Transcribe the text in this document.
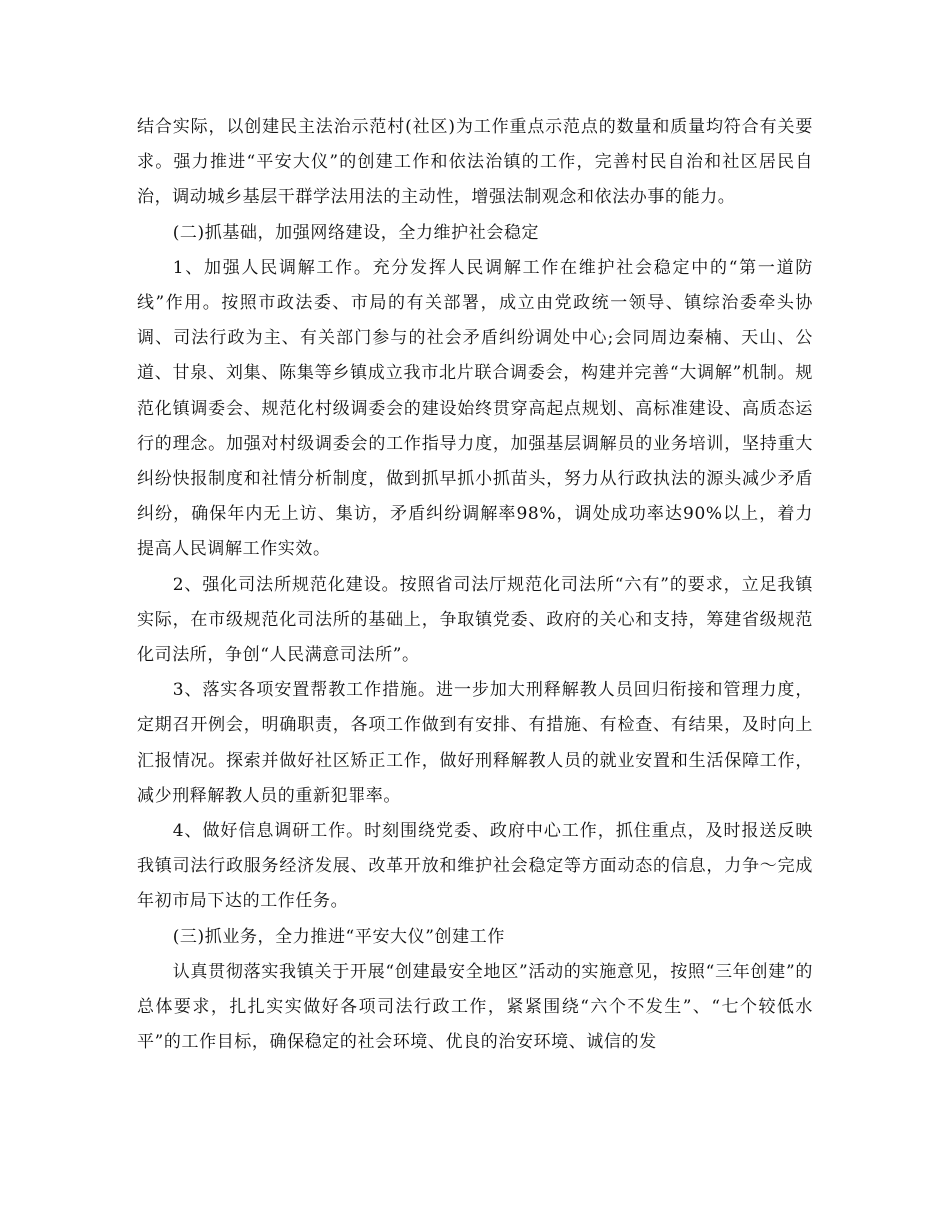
结合实际，以创建民主法治示范村(社区)为工作重点示范点的数量和质量均符合有关要求。强力推进“平安大仪”的创建工作和依法治镇的工作，完善村民自治和社区居民自治，调动城乡基层干群学法用法的主动性，增强法制观念和依法办事的能力。

(二)抓基础，加强网络建设，全力维护社会稳定

1、加强人民调解工作。充分发挥人民调解工作在维护社会稳定中的“第一道防线”作用。按照市政法委、市局的有关部署，成立由党政统一领导、镇综治委牵头协调、司法行政为主、有关部门参与的社会矛盾纠纷调处中心;会同周边秦楠、天山、公道、甘泉、刘集、陈集等乡镇成立我市北片联合调委会，构建并完善“大调解”机制。规范化镇调委会、规范化村级调委会的建设始终贯穿高起点规划、高标准建设、高质态运行的理念。加强对村级调委会的工作指导力度，加强基层调解员的业务培训，坚持重大纠纷快报制度和社情分析制度，做到抓早抓小抓苗头，努力从行政执法的源头减少矛盾纠纷，确保年内无上访、集访，矛盾纠纷调解率98%，调处成功率达90%以上，着力提高人民调解工作实效。

2、强化司法所规范化建设。按照省司法厅规范化司法所“六有”的要求，立足我镇实际，在市级规范化司法所的基础上，争取镇党委、政府的关心和支持，筹建省级规范化司法所，争创“人民满意司法所”。

3、落实各项安置帮教工作措施。进一步加大刑释解教人员回归衔接和管理力度，定期召开例会，明确职责，各项工作做到有安排、有措施、有检查、有结果，及时向上汇报情况。探索并做好社区矫正工作，做好刑释解教人员的就业安置和生活保障工作，减少刑释解教人员的重新犯罪率。

4、做好信息调研工作。时刻围绕党委、政府中心工作，抓住重点，及时报送反映我镇司法行政服务经济发展、改革开放和维护社会稳定等方面动态的信息，力争～完成年初市局下达的工作任务。

(三)抓业务，全力推进“平安大仪”创建工作

认真贯彻落实我镇关于开展“创建最安全地区”活动的实施意见，按照“三年创建”的总体要求，扎扎实实做好各项司法行政工作，紧紧围绕“六个不发生”、“七个较低水平”的工作目标，确保稳定的社会环境、优良的治安环境、诚信的发
